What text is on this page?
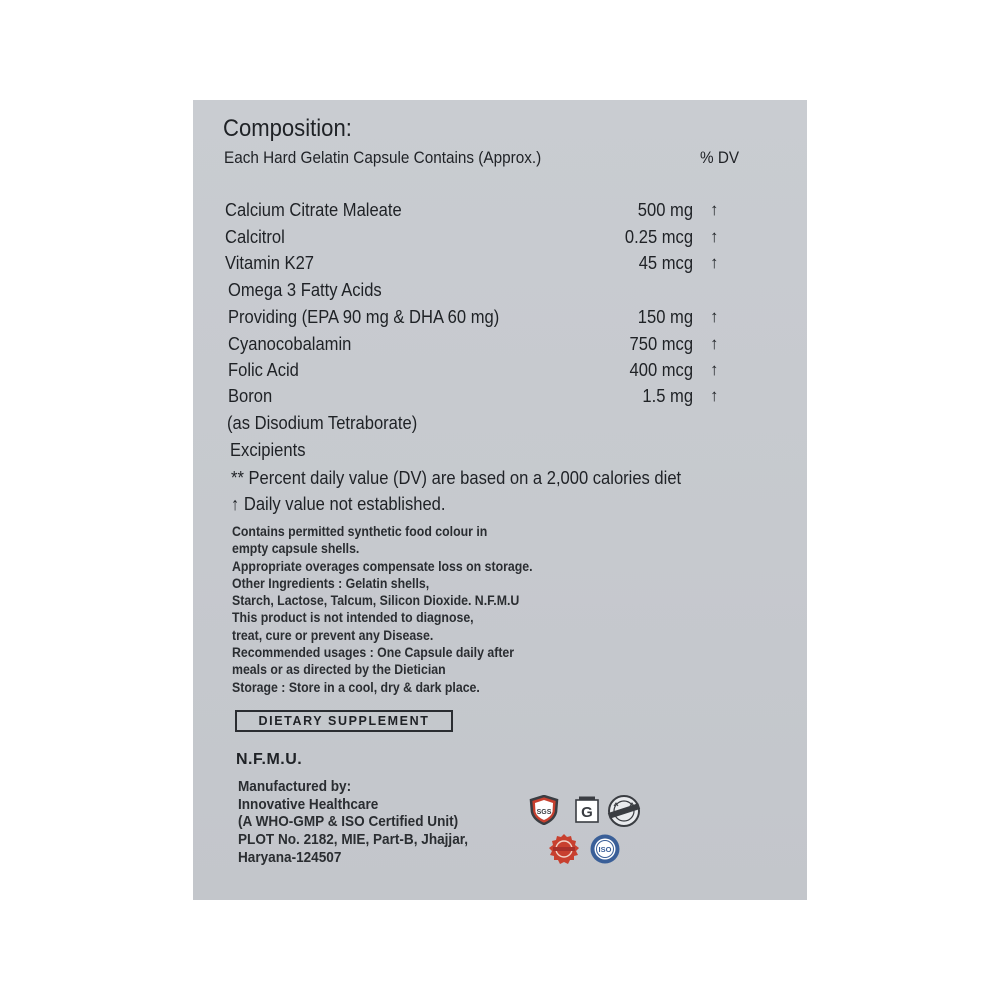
Composition:
Each Hard Gelatin Capsule Contains (Approx.)	% DV
Calcium Citrate Maleate	500 mg ↑
Calcitrol	0.25 mcg ↑
Vitamin K27	45 mcg ↑
Omega 3 Fatty Acids
Providing (EPA 90 mg & DHA 60 mg)	150 mg ↑
Cyanocobalamin	750 mcg ↑
Folic Acid	400 mcg ↑
Boron	1.5 mg ↑
(as Disodium Tetraborate)
Excipients
** Percent daily value (DV) are based on a 2,000 calories diet
↑ Daily value not established.
Contains permitted synthetic food colour in
empty capsule shells.
Appropriate overages compensate loss on storage.
Other Ingredients : Gelatin shells,
Starch, Lactose, Talcum, Silicon Dioxide. N.F.M.U
This product is not intended to diagnose,
treat, cure or prevent any Disease.
Recommended usages : One Capsule daily after
meals or as directed by the Dietician
Storage : Store in a cool, dry & dark place.
DIETARY SUPPLEMENT
N.F.M.U.
Manufactured by:
Innovative Healthcare
(A WHO-GMP & ISO Certified Unit)
PLOT No. 2182, MIE, Part-B, Jhajjar,
Haryana-124507
SGS G
ISO
